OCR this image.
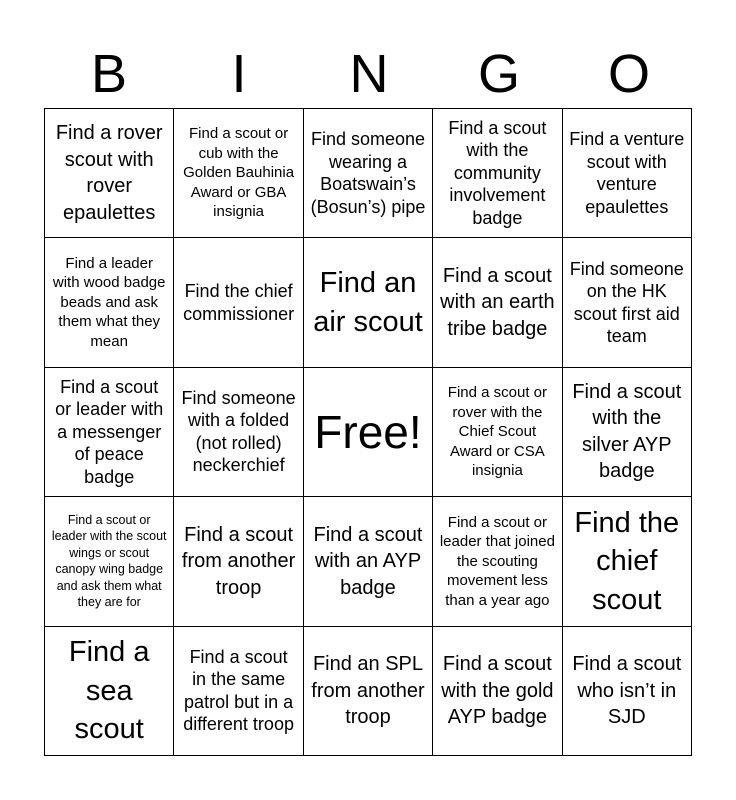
B	I	N	G	O
Find a rover scout with rover epaulettes
Find a scout or cub with the Golden Bauhinia Award or GBA insignia
Find someone wearing a Boatswain’s (Bosun’s) pipe
Find a scout with the community involvement badge
Find a venture scout with venture epaulettes
Find a leader with wood badge beads and ask them what they mean
Find the chief commissioner
Find an air scout
Find a scout with an earth tribe badge
Find someone on the HK scout first aid team
Find a scout or leader with a messenger of peace badge
Find someone with a folded (not rolled) neckerchief
Free!
Find a scout or rover with the Chief Scout Award or CSA insignia
Find a scout with the silver AYP badge
Find a scout or leader with the scout wings or scout canopy wing badge and ask them what they are for
Find a scout from another troop
Find a scout with an AYP badge
Find a scout or leader that joined the scouting movement less than a year ago
Find the chief scout
Find a sea scout
Find a scout in the same patrol but in a different troop
Find an SPL from another troop
Find a scout with the gold AYP badge
Find a scout who isn’t in SJD
